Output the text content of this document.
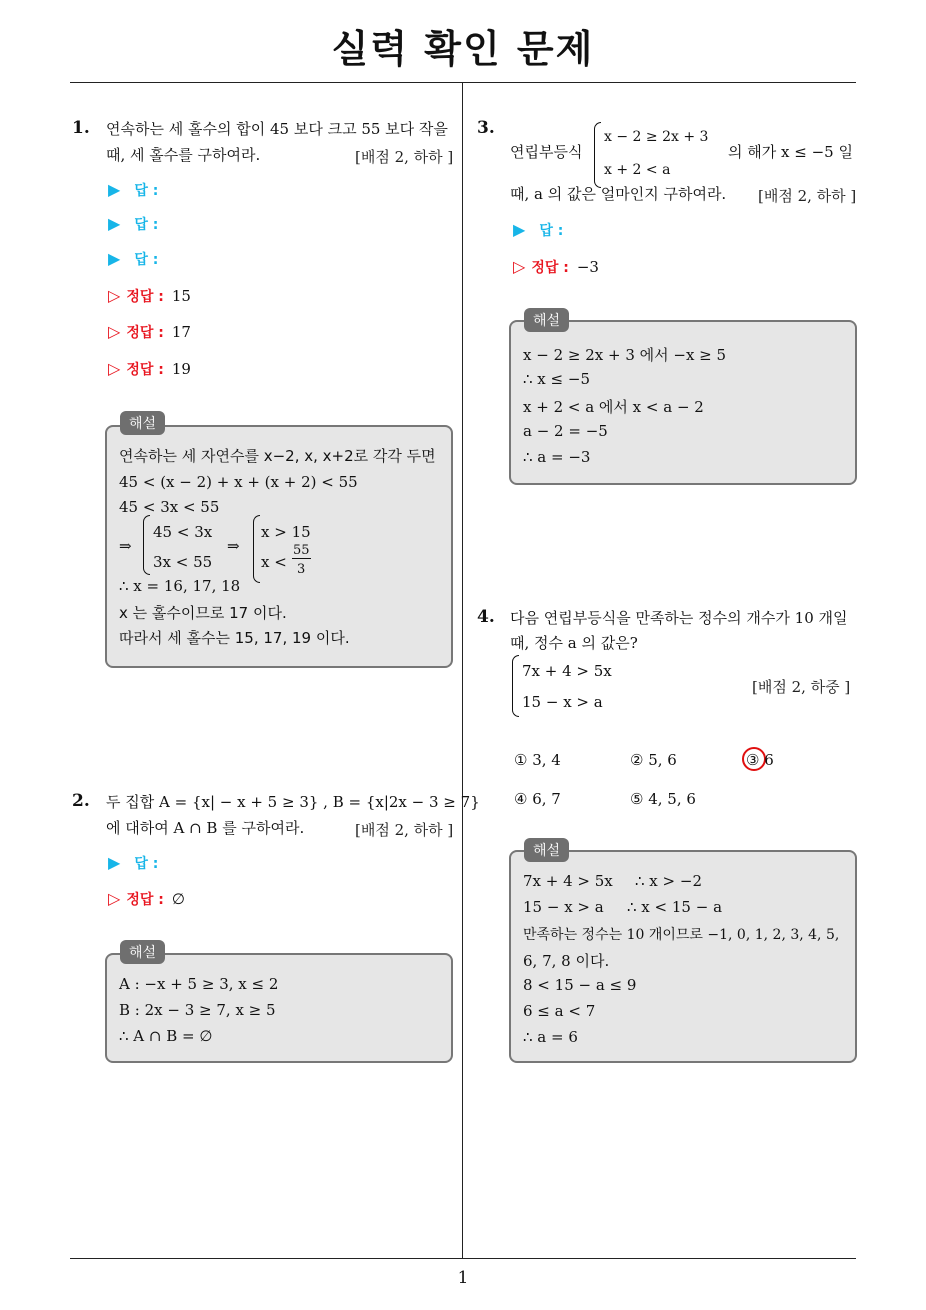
실력 확인 문제
1
1. 연속하는 세 홀수의 합이 45 보다 크고 55 보다 작을
때, 세 홀수를 구하여라.	[배점 2, 하하 ]
▶ 답 :
▶ 답 :
▶ 답 :
▷ 정답 : 15
▷ 정답 : 17
▷ 정답 : 19
연속하는 세 자연수를 x−2, x, x+2로 각각 두면
45 < (x − 2) + x + (x + 2) < 55
45 < 3x < 55
⇒
45 < 3x
3x < 55
⇒
x > 15
x <
55
3
∴ x = 16, 17, 18
x 는 홀수이므로 17 이다.
따라서 세 홀수는 15, 17, 19 이다.
해설
2. 두 집합 A = {x| − x + 5 ≥ 3} , B = {x|2x − 3 ≥ 7}
에 대하여 A ∩ B 를 구하여라.	[배점 2, 하하 ]
▶ 답 :
▷ 정답 : ∅
A : −x + 5 ≥ 3, x ≤ 2
B : 2x − 3 ≥ 7, x ≥ 5
∴ A ∩ B = ∅
해설
3.
연립부등식
x − 2 ≥ 2x + 3
x + 2 < a
의 해가 x ≤ −5 일
때, a 의 값은 얼마인지 구하여라. [배점 2, 하하 ]
▶ 답 :
▷ 정답 : −3
x − 2 ≥ 2x + 3 에서 −x ≥ 5
∴ x ≤ −5
x + 2 < a 에서 x < a − 2
a − 2 = −5
∴ a = −3
해설
4. 다음 연립부등식을 만족하는 정수의 개수가 10 개일
때, 정수 a 의 값은?
7x + 4 > 5x
15 − x > a
[배점 2, 하중 ]
① 3, 4	② 5, 6	③ 6
④ 6, 7	⑤ 4, 5, 6
7x + 4 > 5x ∴ x > −2
15 − x > a ∴ x < 15 − a
만족하는 정수는 10 개이므로 −1, 0, 1, 2, 3, 4, 5,
6, 7, 8 이다.
8 < 15 − a ≤ 9
6 ≤ a < 7
∴ a = 6
해설
